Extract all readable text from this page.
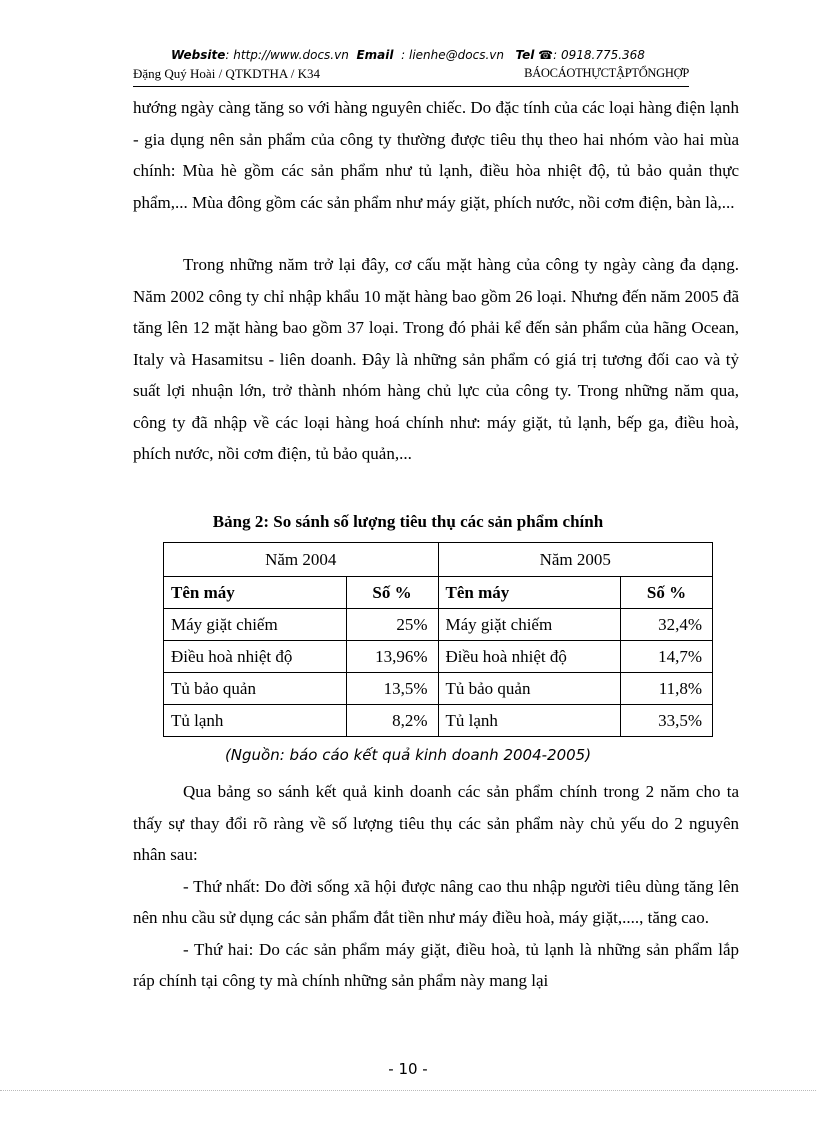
Website: http://www.docs.vn Email : lienhe@docs.vn Tel ☎: 0918.775.368
Đặng Quý Hoài / QTKDTHA / K34	BÁOCÁOTHỰCTẬPTỔNGHỢP

hướng ngày càng tăng so với hàng nguyên chiếc. Do đặc tính của các loại hàng điện lạnh - gia dụng nên sản phẩm của công ty thường được tiêu thụ theo hai nhóm vào hai mùa chính: Mùa hè gồm các sản phẩm như tủ lạnh, điều hòa nhiệt độ, tủ bảo quản thực phẩm,... Mùa đông gồm các sản phẩm như máy giặt, phích nước, nồi cơm điện, bàn là,...

Trong những năm trở lại đây, cơ cấu mặt hàng của công ty ngày càng đa dạng. Năm 2002 công ty chỉ nhập khẩu 10 mặt hàng bao gồm 26 loại. Nhưng đến năm 2005 đã tăng lên 12 mặt hàng bao gồm 37 loại. Trong đó phải kể đến sản phẩm của hãng Ocean, Italy và Hasamitsu - liên doanh. Đây là những sản phẩm có giá trị tương đối cao và tỷ suất lợi nhuận lớn, trở thành nhóm hàng chủ lực của công ty. Trong những năm qua, công ty đã nhập về các loại hàng hoá chính như: máy giặt, tủ lạnh, bếp ga, điều hoà, phích nước, nồi cơm điện, tủ bảo quản,...

Bảng 2: So sánh số lượng tiêu thụ các sản phẩm chính
Năm 2004		Năm 2005	
Tên máy	Số %	Tên máy	Số %
Máy giặt chiếm	25%	Máy giặt chiếm	32,4%
Điều hoà nhiệt độ	13,96%	Điều hoà nhiệt độ	14,7%
Tủ bảo quản	13,5%	Tủ bảo quản	11,8%
Tủ lạnh	8,2%	Tủ lạnh	33,5%
(Nguồn: báo cáo kết quả kinh doanh 2004-2005)

Qua bảng so sánh kết quả kinh doanh các sản phẩm chính trong 2 năm cho ta thấy sự thay đổi rõ ràng về số lượng tiêu thụ các sản phẩm này chủ yếu do 2 nguyên nhân sau:

- Thứ nhất: Do đời sống xã hội được nâng cao thu nhập người tiêu dùng tăng lên nên nhu cầu sử dụng các sản phẩm đắt tiền như máy điều hoà, máy giặt,...., tăng cao.

- Thứ hai: Do các sản phẩm máy giặt, điều hoà, tủ lạnh là những sản phẩm lắp ráp chính tại công ty mà chính những sản phẩm này mang lại

- 10 -
